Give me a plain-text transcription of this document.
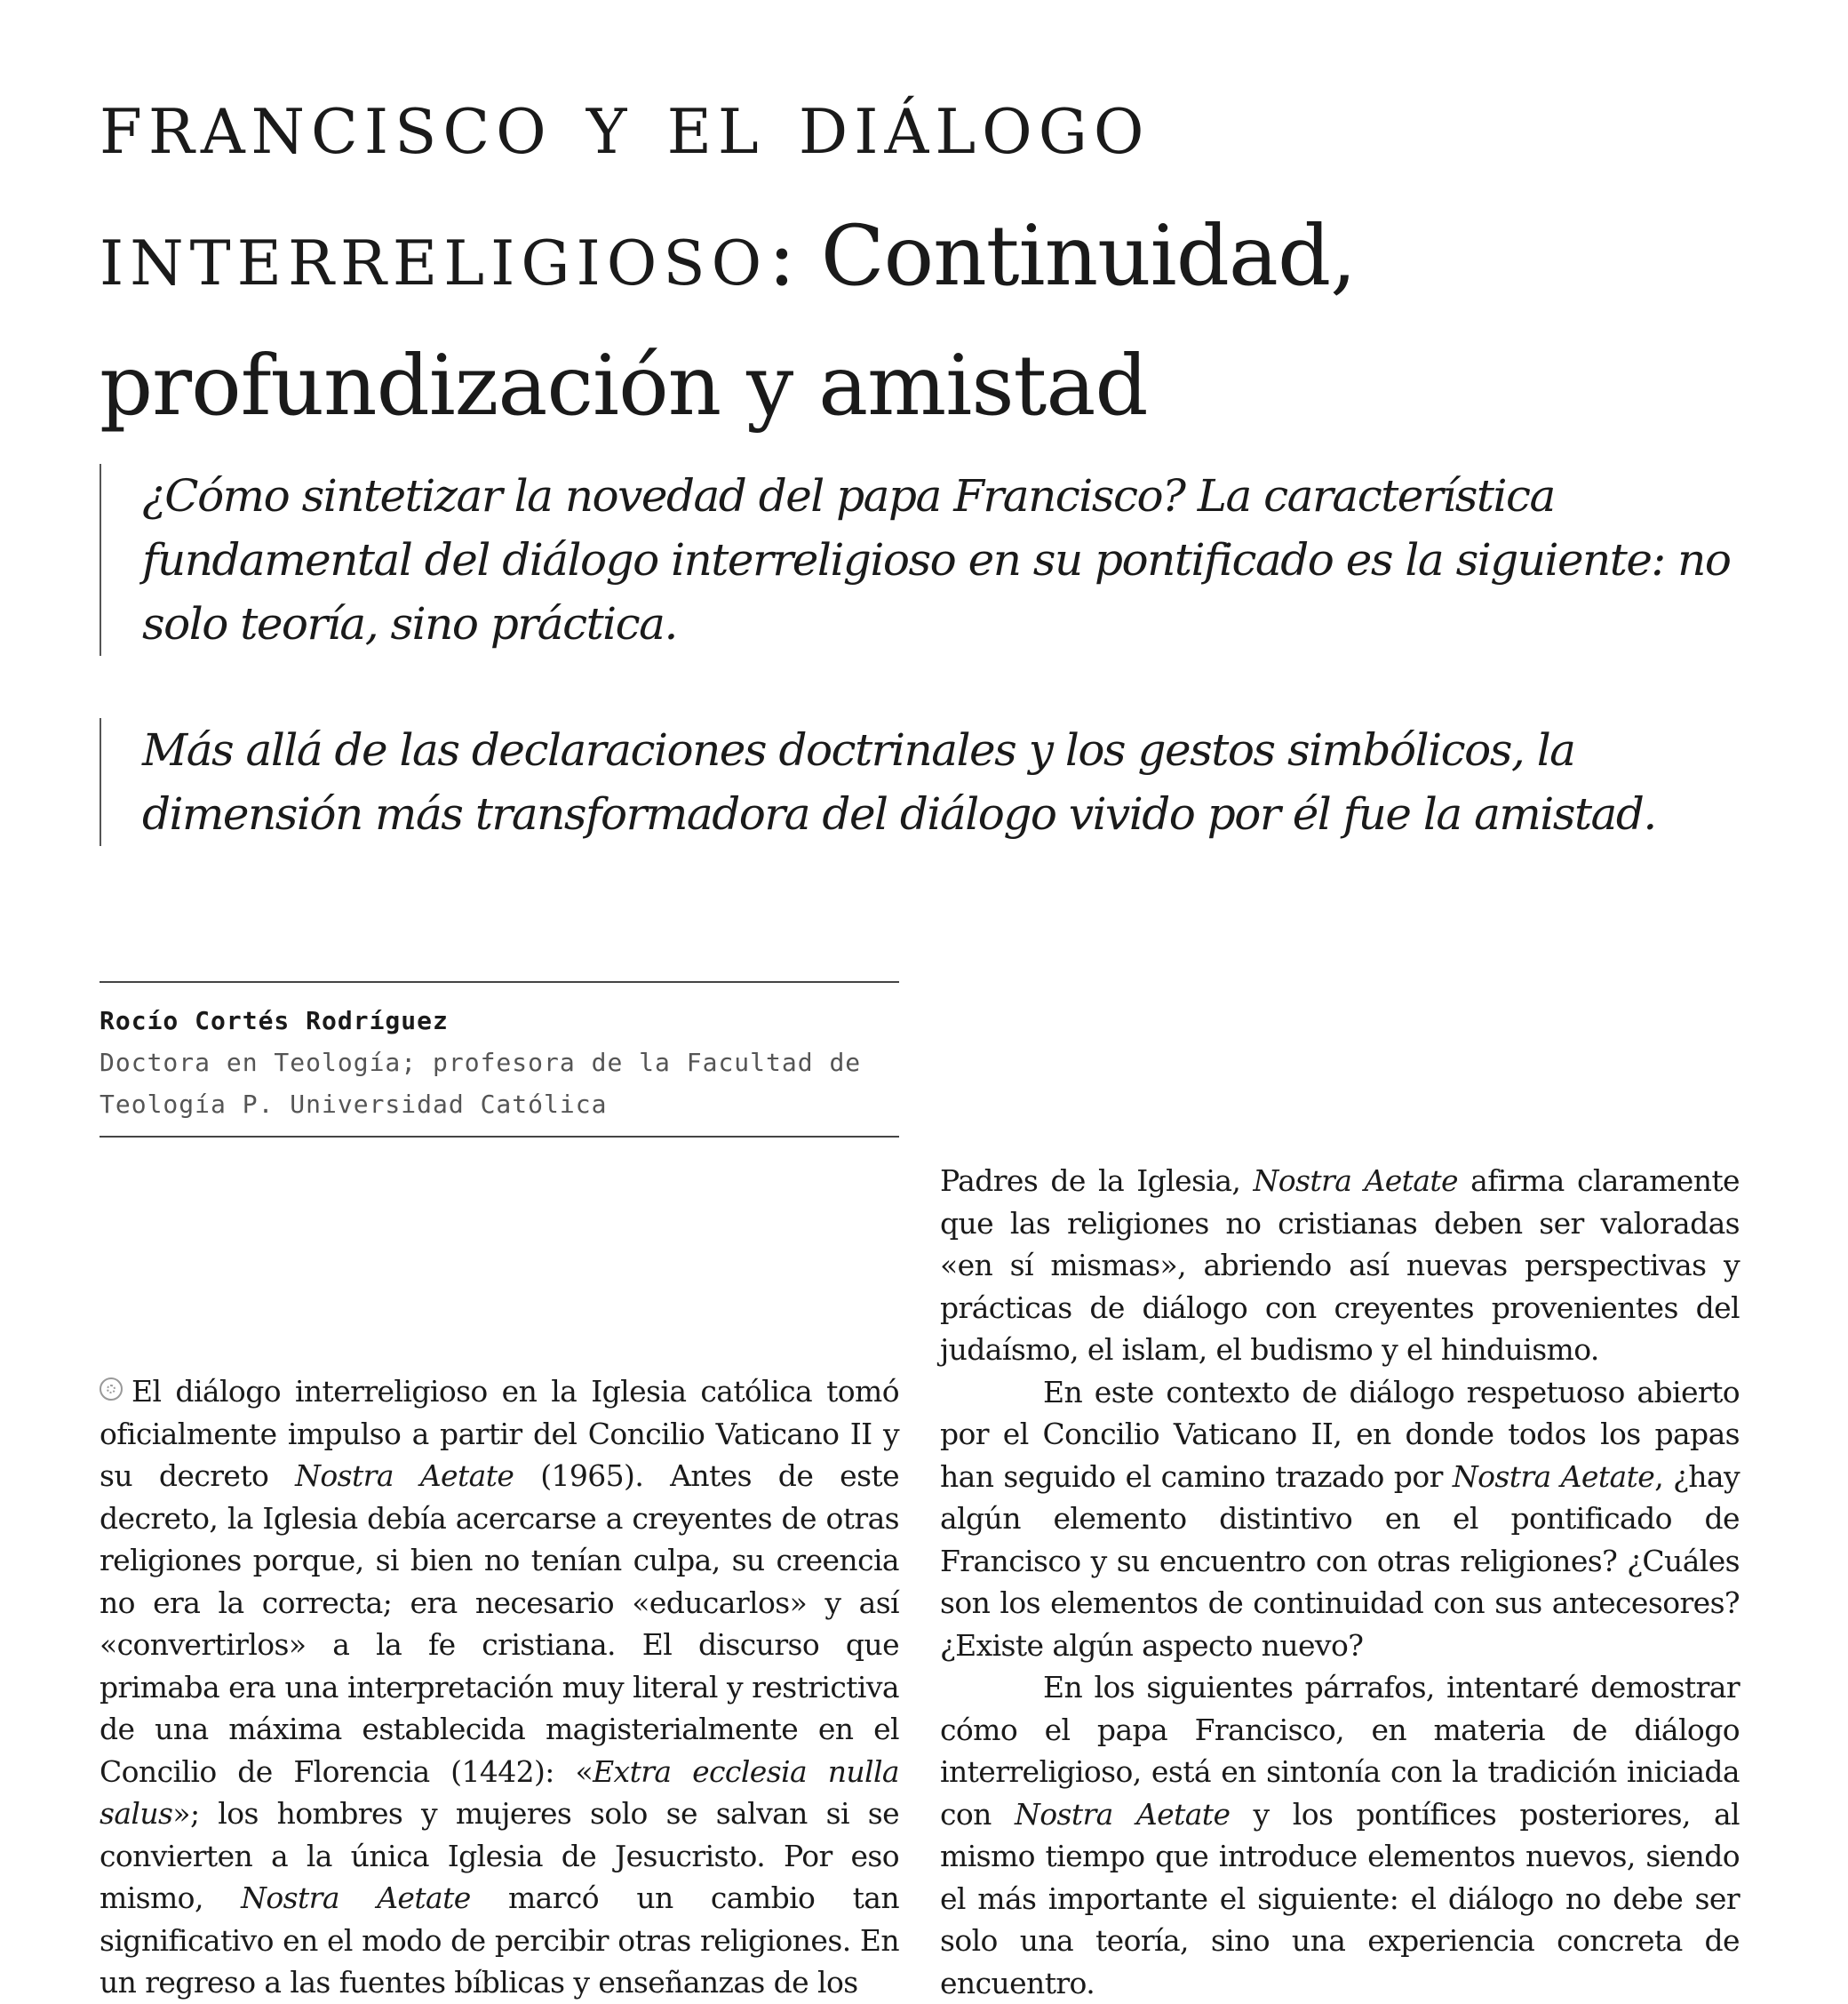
francisco y el diálogo interreligioso: Continuidad, profundización y amistad
¿Cómo sintetizar la novedad del papa Francisco? La característica fundamental del diálogo interreligioso en su pontificado es la siguiente: no solo teoría, sino práctica.
Más allá de las declaraciones doctrinales y los gestos simbólicos, la dimensión más transformadora del diálogo vivido por él fue la amistad.
Rocío Cortés Rodríguez
Doctora en Teología; profesora de la Facultad de Teología P. Universidad Católica

El diálogo interreligioso en la Iglesia católica tomó oficialmente impulso a partir del Concilio Vaticano II y su decreto Nostra Aetate (1965). Antes de este decreto, la Iglesia debía acercarse a creyentes de otras religiones porque, si bien no tenían culpa, su creencia no era la correcta; era necesario «educarlos» y así «convertirlos» a la fe cristiana. El discurso que primaba era una interpretación muy literal y restrictiva de una máxima establecida magisterialmente en el Concilio de Florencia (1442): «Extra ecclesia nulla salus»; los hombres y mujeres solo se salvan si se convierten a la única Iglesia de Jesucristo. Por eso mismo, Nostra Aetate marcó un cambio tan significativo en el modo de percibir otras religiones. En un regreso a las fuentes bíblicas y enseñanzas de los

Padres de la Iglesia, Nostra Aetate afirma claramente que las religiones no cristianas deben ser valoradas «en sí mismas», abriendo así nuevas perspectivas y prácticas de diálogo con creyentes provenientes del judaísmo, el islam, el budismo y el hinduismo.

En este contexto de diálogo respetuoso abierto por el Concilio Vaticano II, en donde todos los papas han seguido el camino trazado por Nostra Aetate, ¿hay algún elemento distintivo en el pontificado de Francisco y su encuentro con otras religiones? ¿Cuáles son los elementos de continuidad con sus antecesores? ¿Existe algún aspecto nuevo?

En los siguientes párrafos, intentaré demostrar cómo el papa Francisco, en materia de diálogo interreligioso, está en sintonía con la tradición iniciada con Nostra Aetate y los pontífices posteriores, al mismo tiempo que introduce elementos nuevos, siendo el más importante el siguiente: el diálogo no debe ser solo una teoría, sino una experiencia concreta de encuentro.
